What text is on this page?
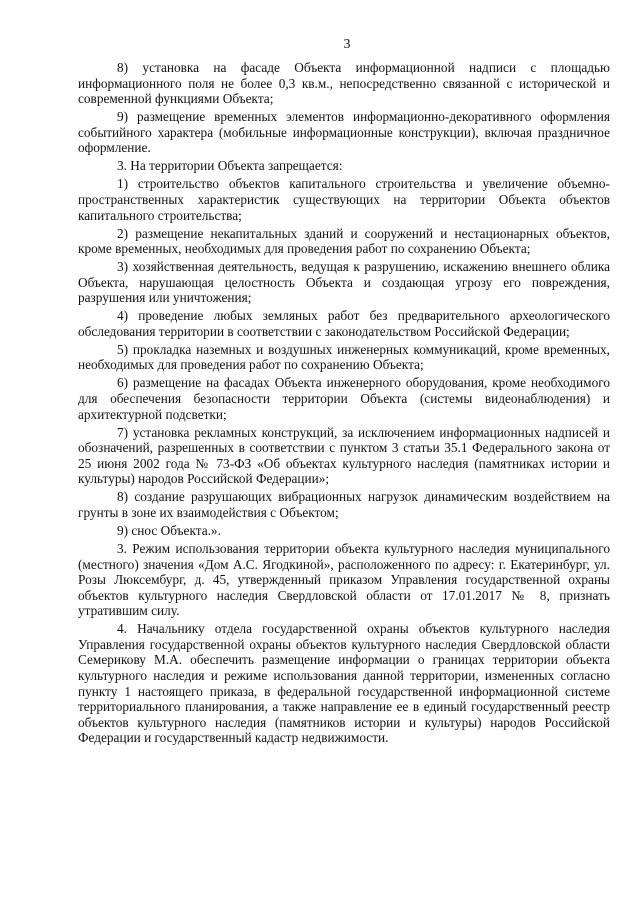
3

8) установка на фасаде Объекта информационной надписи с площадью информационного поля не более 0,3 кв.м., непосредственно связанной с исторической и современной функциями Объекта;

9) размещение временных элементов информационно-декоративного оформления событийного характера (мобильные информационные конструкции), включая праздничное оформление.

3. На территории Объекта запрещается:

1) строительство объектов капитального строительства и увеличение объемно-пространственных характеристик существующих на территории Объекта объектов капитального строительства;

2) размещение некапитальных зданий и сооружений и нестационарных объектов, кроме временных, необходимых для проведения работ по сохранению Объекта;

3) хозяйственная деятельность, ведущая к разрушению, искажению внешнего облика Объекта, нарушающая целостность Объекта и создающая угрозу его повреждения, разрушения или уничтожения;

4) проведение любых земляных работ без предварительного археологического обследования территории в соответствии с законодательством Российской Федерации;

5) прокладка наземных и воздушных инженерных коммуникаций, кроме временных, необходимых для проведения работ по сохранению Объекта;

6) размещение на фасадах Объекта инженерного оборудования, кроме необходимого для обеспечения безопасности территории Объекта (системы видеонаблюдения) и архитектурной подсветки;

7) установка рекламных конструкций, за исключением информационных надписей и обозначений, разрешенных в соответствии с пунктом 3 статьи 35.1 Федерального закона от 25 июня 2002 года № 73-ФЗ «Об объектах культурного наследия (памятниках истории и культуры) народов Российской Федерации»;

8) создание разрушающих вибрационных нагрузок динамическим воздействием на грунты в зоне их взаимодействия с Объектом;

9) снос Объекта.».

3. Режим использования территории объекта культурного наследия муниципального (местного) значения «Дом А.С. Ягодкиной», расположенного по адресу: г. Екатеринбург, ул. Розы Люксембург, д. 45, утвержденный приказом Управления государственной охраны объектов культурного наследия Свердловской области от 17.01.2017 № 8, признать утратившим силу.

4. Начальнику отдела государственной охраны объектов культурного наследия Управления государственной охраны объектов культурного наследия Свердловской области Семерикову М.А. обеспечить размещение информации о границах территории объекта культурного наследия и режиме использования данной территории, измененных согласно пункту 1 настоящего приказа, в федеральной государственной информационной системе территориального планирования, а также направление ее в единый государственный реестр объектов культурного наследия (памятников истории и культуры) народов Российской Федерации и государственный кадастр недвижимости.
